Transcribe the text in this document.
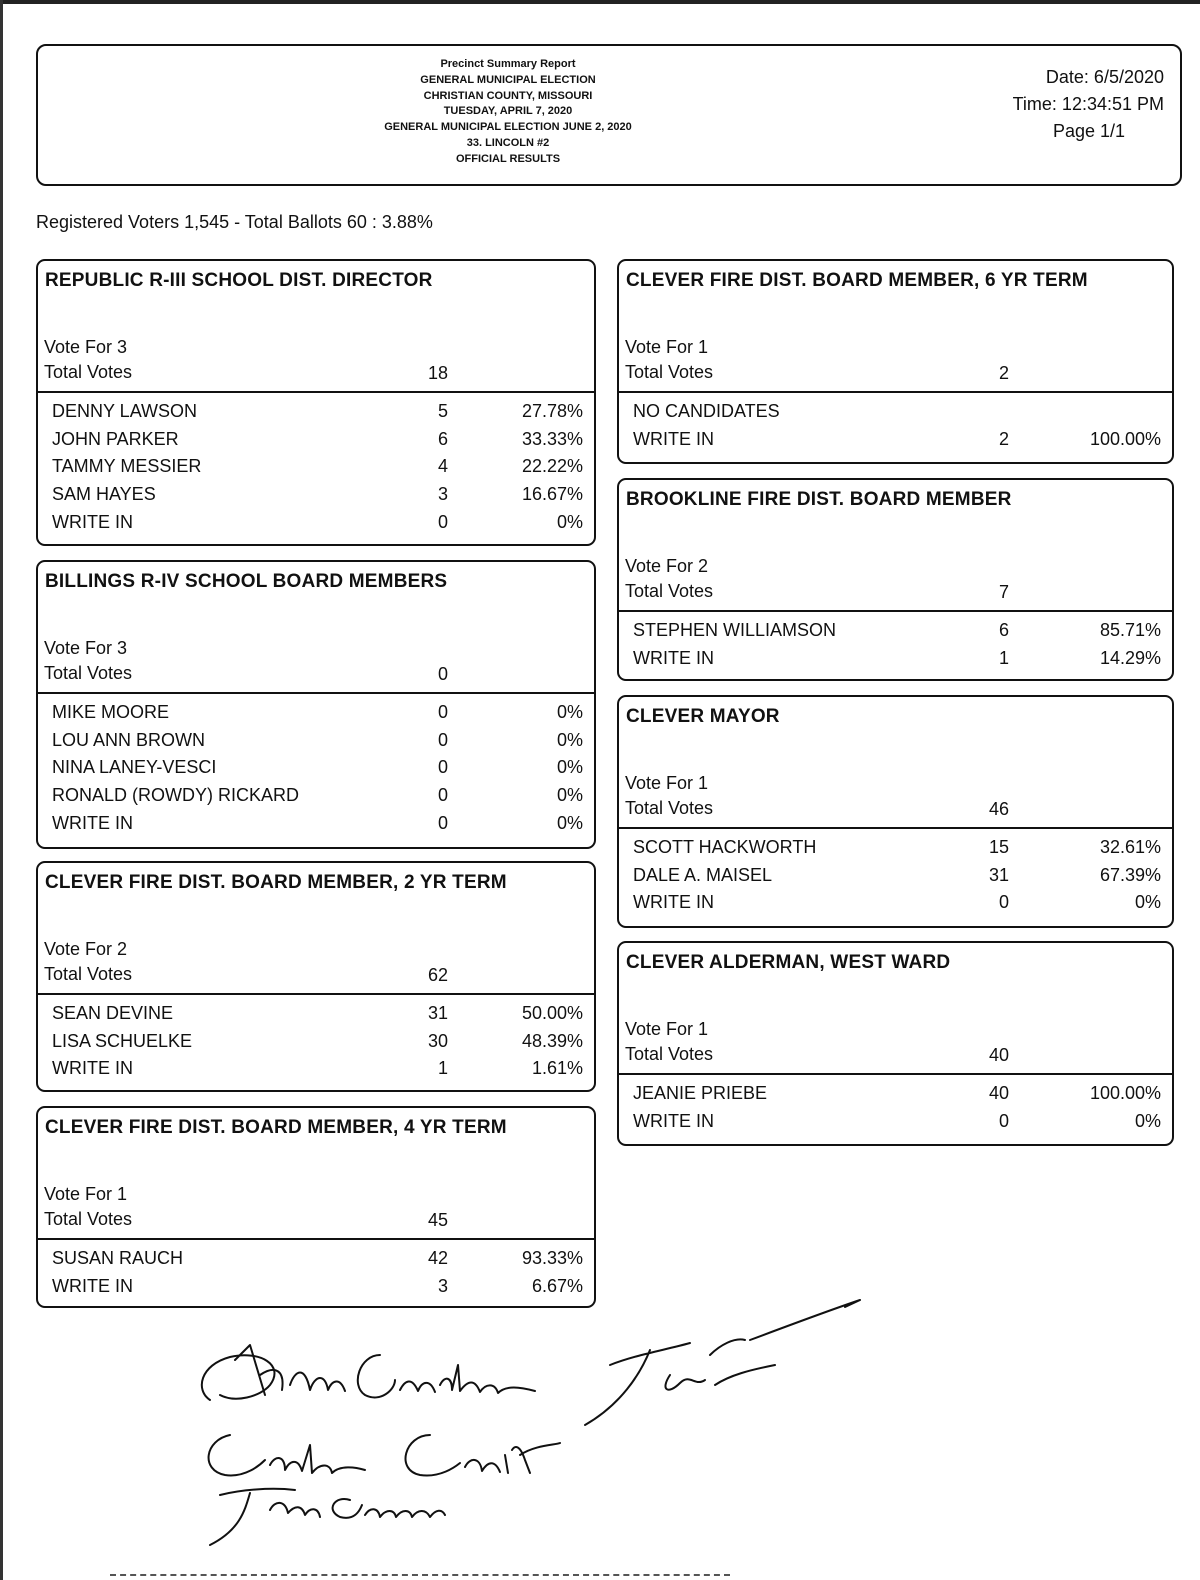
Precinct Summary Report
GENERAL MUNICIPAL ELECTION
CHRISTIAN COUNTY, MISSOURI
TUESDAY, APRIL 7, 2020
GENERAL MUNICIPAL ELECTION JUNE 2, 2020
33. LINCOLN #2
OFFICIAL RESULTS
Date: 6/5/2020
Time: 12:34:51 PM
Page 1/1
Registered Voters 1,545 - Total Ballots 60 : 3.88%
REPUBLIC R-III SCHOOL DIST. DIRECTOR
Vote For 3
Total Votes	18
DENNY LAWSON	5	27.78%
JOHN PARKER	6	33.33%
TAMMY MESSIER	4	22.22%
SAM HAYES	3	16.67%
WRITE IN	0	0%
BILLINGS R-IV SCHOOL BOARD MEMBERS
Vote For 3
Total Votes	0
MIKE MOORE	0	0%
LOU ANN BROWN	0	0%
NINA LANEY-VESCI	0	0%
RONALD (ROWDY) RICKARD	0	0%
WRITE IN	0	0%
CLEVER FIRE DIST. BOARD MEMBER, 2 YR TERM
Vote For 2
Total Votes	62
SEAN DEVINE	31	50.00%
LISA SCHUELKE	30	48.39%
WRITE IN	1	1.61%
CLEVER FIRE DIST. BOARD MEMBER, 4 YR TERM
Vote For 1
Total Votes	45
SUSAN RAUCH	42	93.33%
WRITE IN	3	6.67%
CLEVER FIRE DIST. BOARD MEMBER, 6 YR TERM
Vote For 1
Total Votes	2
NO CANDIDATES
WRITE IN	2	100.00%
BROOKLINE FIRE DIST. BOARD MEMBER
Vote For 2
Total Votes	7
STEPHEN WILLIAMSON	6	85.71%
WRITE IN	1	14.29%
CLEVER MAYOR
Vote For 1
Total Votes	46
SCOTT HACKWORTH	15	32.61%
DALE A. MAISEL	31	67.39%
WRITE IN	0	0%
CLEVER ALDERMAN, WEST WARD
Vote For 1
Total Votes	40
JEANIE PRIEBE	40	100.00%
WRITE IN	0	0%
